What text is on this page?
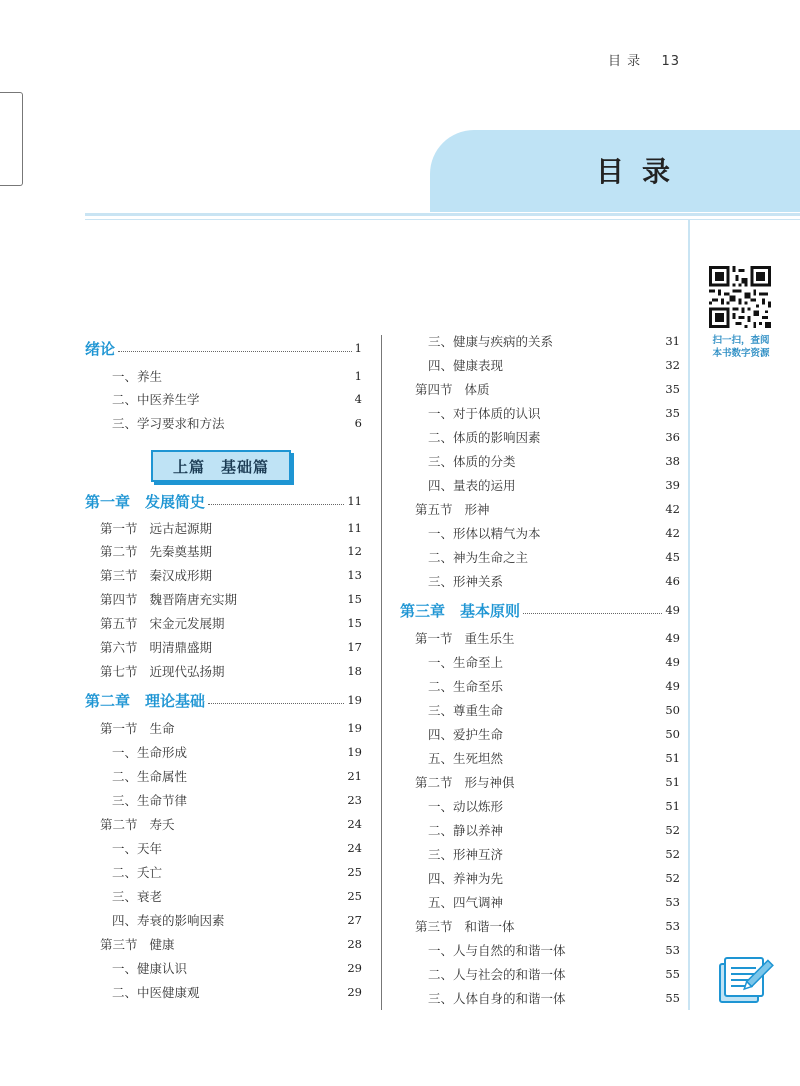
目 录 13
目录
扫一扫，查阅
本书数字资源
上篇　基础篇
绪论	1
一、养生	1
二、中医养生学	4
三、学习要求和方法	6
第一章　发展简史	11
第一节 远古起源期	11
第二节 先秦奠基期	12
第三节 秦汉成形期	13
第四节 魏晋隋唐充实期	15
第五节 宋金元发展期	15
第六节 明清鼎盛期	17
第七节 近现代弘扬期	18
第二章　理论基础	19
第一节 生命	19
一、生命形成	19
二、生命属性	21
三、生命节律	23
第二节 寿夭	24
一、天年	24
二、夭亡	25
三、衰老	25
四、寿衰的影响因素	27
第三节 健康	28
一、健康认识	29
二、中医健康观	29
三、健康与疾病的关系	31
四、健康表现	32
第四节 体质	35
一、对于体质的认识	35
二、体质的影响因素	36
三、体质的分类	38
四、量表的运用	39
第五节 形神	42
一、形体以精气为本	42
二、神为生命之主	45
三、形神关系	46
第三章　基本原则	49
第一节 重生乐生	49
一、生命至上	49
二、生命至乐	49
三、尊重生命	50
四、爱护生命	50
五、生死坦然	51
第二节 形与神俱	51
一、动以炼形	51
二、静以养神	52
三、形神互济	52
四、养神为先	52
五、四气调神	53
第三节 和谐一体	53
一、人与自然的和谐一体	53
二、人与社会的和谐一体	55
三、人体自身的和谐一体	55
